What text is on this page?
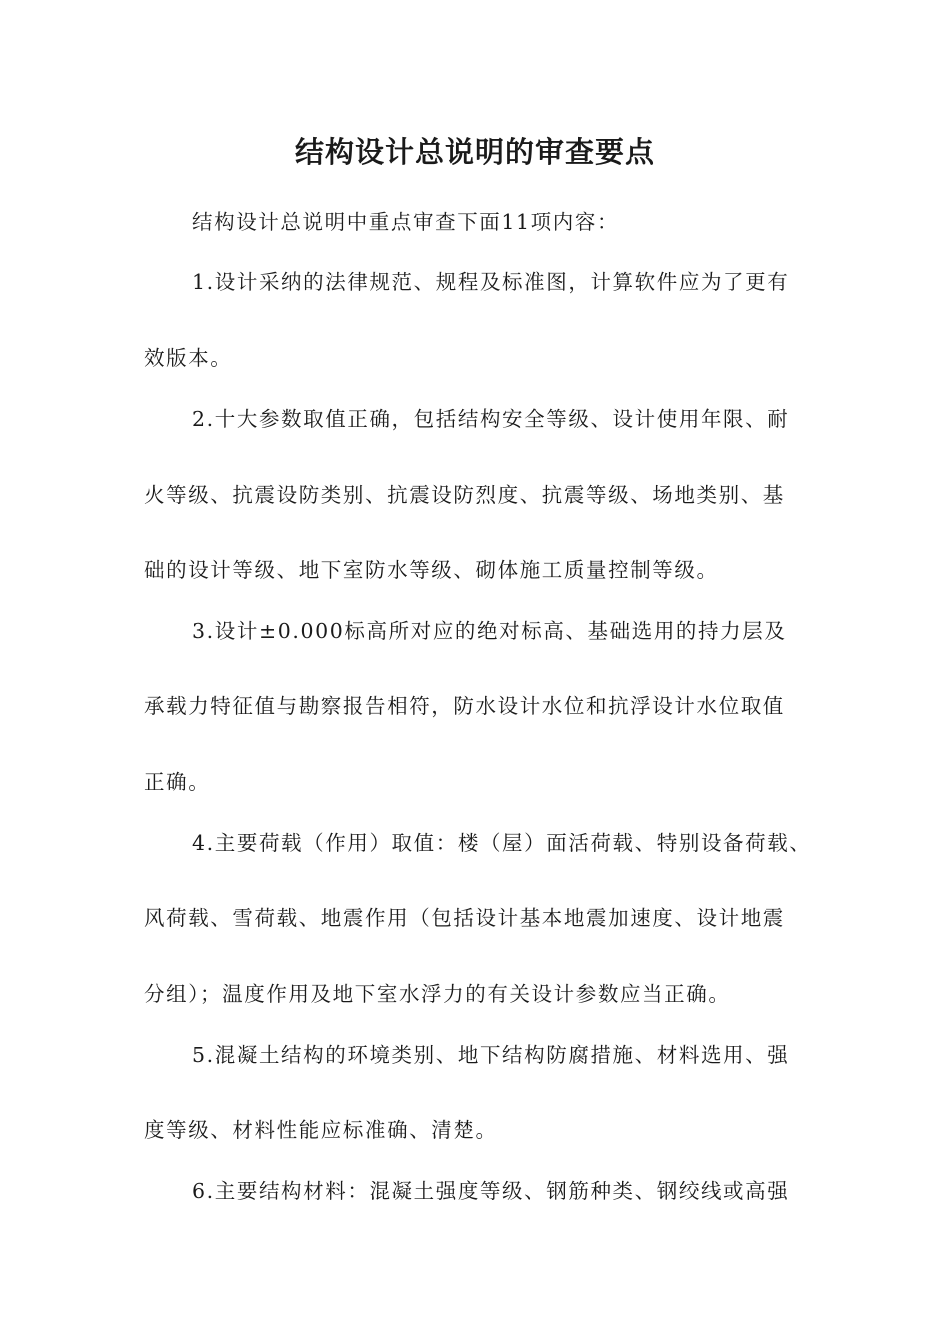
结构设计总说明的审查要点
结构设计总说明中重点审查下面11项内容：
1.设计采纳的法律规范、规程及标准图，计算软件应为了更有
效版本。
2.十大参数取值正确，包括结构安全等级、设计使用年限、耐
火等级、抗震设防类别、抗震设防烈度、抗震等级、场地类别、基
础的设计等级、地下室防水等级、砌体施工质量控制等级。
3.设计±0.000标高所对应的绝对标高、基础选用的持力层及
承载力特征值与勘察报告相符，防水设计水位和抗浮设计水位取值
正确。
4.主要荷载（作用）取值：楼（屋）面活荷载、特别设备荷载、
风荷载、雪荷载、地震作用（包括设计基本地震加速度、设计地震
分组）；温度作用及地下室水浮力的有关设计参数应当正确。
5.混凝土结构的环境类别、地下结构防腐措施、材料选用、强
度等级、材料性能应标准确、清楚。
6.主要结构材料：混凝土强度等级、钢筋种类、钢绞线或高强
